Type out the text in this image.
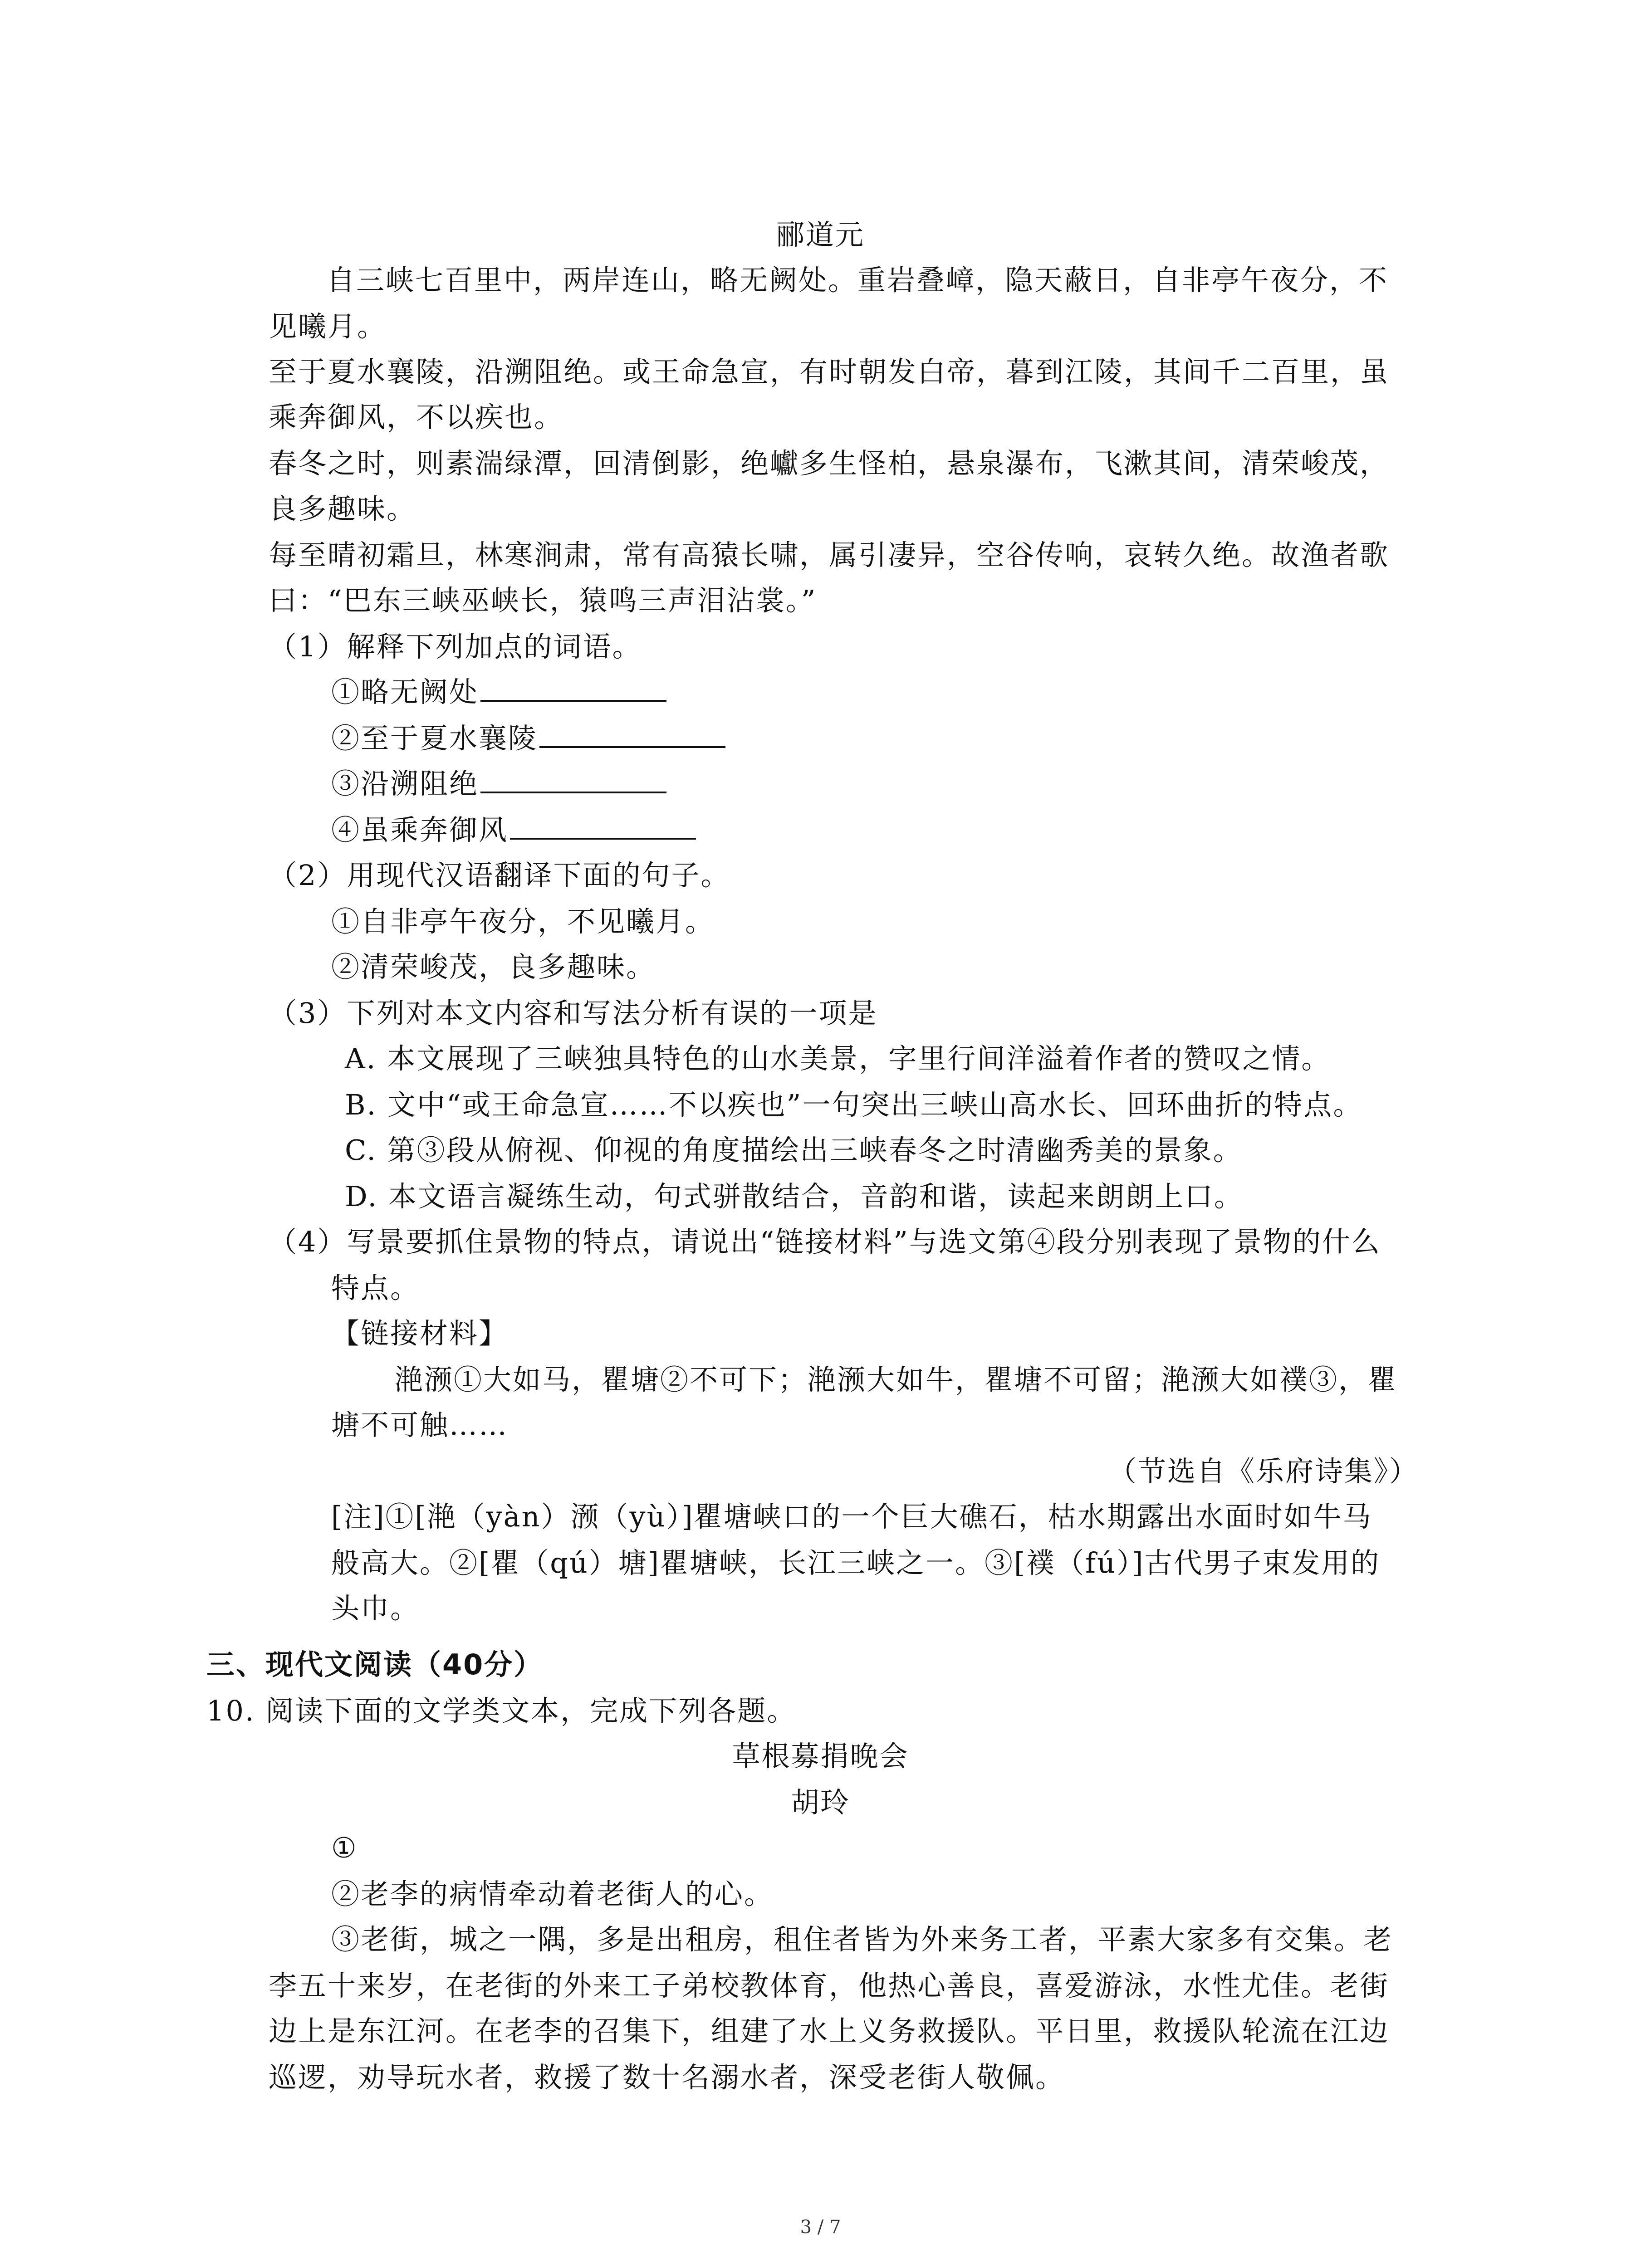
郦道元
自三峡七百里中，两岸连山，略无阙处。重岩叠嶂，隐天蔽日，自非亭午夜分，不
见曦月。
至于夏水襄陵，沿溯阻绝。或王命急宣，有时朝发白帝，暮到江陵，其间千二百里，虽
乘奔御风，不以疾也。
春冬之时，则素湍绿潭，回清倒影，绝巘多生怪柏，悬泉瀑布，飞漱其间，清荣峻茂，
良多趣味。
每至晴初霜旦，林寒涧肃，常有高猿长啸，属引凄异，空谷传响，哀转久绝。故渔者歌
曰：“巴东三峡巫峡长，猿鸣三声泪沾裳。”
（1）解释下列加点的词语。
①略无阙处
②至于夏水襄陵
③沿溯阻绝
④虽乘奔御风
（2）用现代汉语翻译下面的句子。
①自非亭午夜分，不见曦月。
②清荣峻茂，良多趣味。
（3）下列对本文内容和写法分析有误的一项是
A. 本文展现了三峡独具特色的山水美景，字里行间洋溢着作者的赞叹之情。
B. 文中“或王命急宣……不以疾也”一句突出三峡山高水长、回环曲折的特点。
C. 第③段从俯视、仰视的角度描绘出三峡春冬之时清幽秀美的景象。
D. 本文语言凝练生动，句式骈散结合，音韵和谐，读起来朗朗上口。
（4）写景要抓住景物的特点，请说出“链接材料”与选文第④段分别表现了景物的什么
特点。
【链接材料】
滟滪①大如马，瞿塘②不可下；滟滪大如牛，瞿塘不可留；滟滪大如襆③，瞿
塘不可触……
（节选自《乐府诗集》）
[注]①[滟（yàn）滪（yù）]瞿塘峡口的一个巨大礁石，枯水期露出水面时如牛马
般高大。②[瞿（qú）塘]瞿塘峡，长江三峡之一。③[襆（fú）]古代男子束发用的
头巾。
三、现代文阅读（40分）
10. 阅读下面的文学类文本，完成下列各题。
草根募捐晚会
胡玲
①
②老李的病情牵动着老街人的心。
③老街，城之一隅，多是出租房，租住者皆为外来务工者，平素大家多有交集。老
李五十来岁，在老街的外来工子弟校教体育，他热心善良，喜爱游泳，水性尤佳。老街
边上是东江河。在老李的召集下，组建了水上义务救援队。平日里，救援队轮流在江边
巡逻，劝导玩水者，救援了数十名溺水者，深受老街人敬佩。
3 / 7
